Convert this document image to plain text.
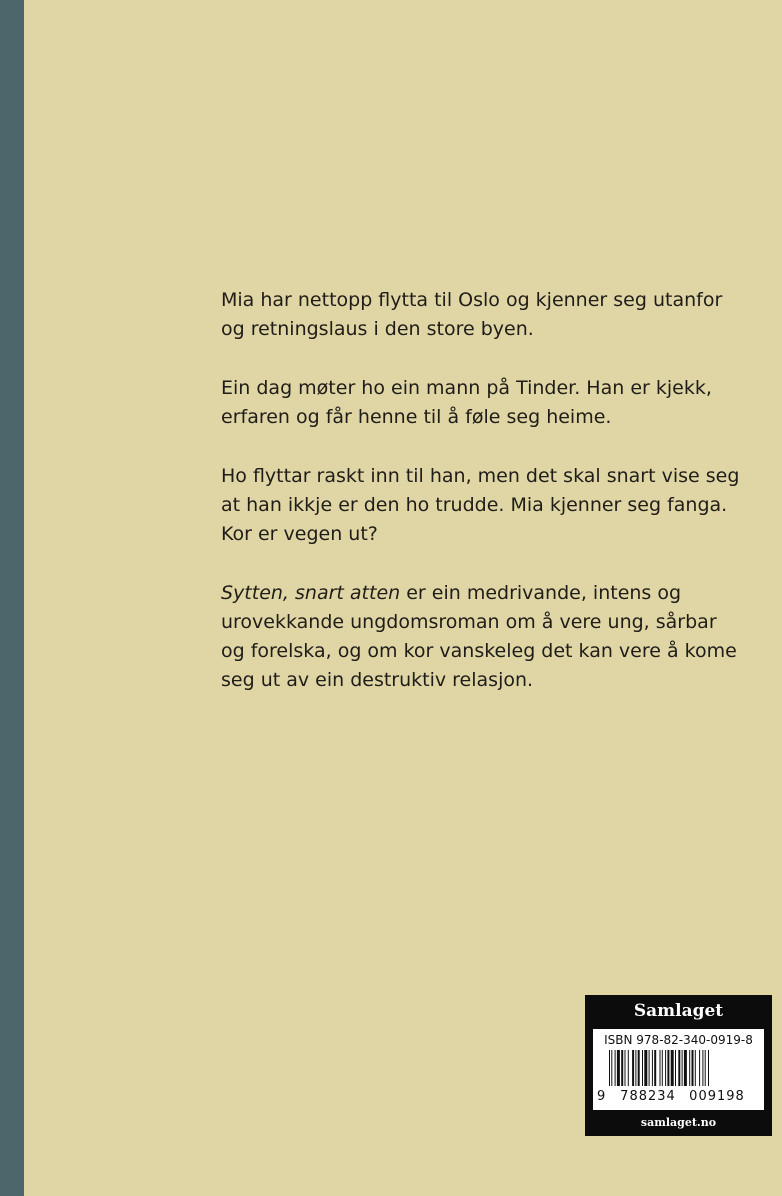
Mia har nettopp flytta til Oslo og kjenner seg utanfor
og retningslaus i den store byen.

Ein dag møter ho ein mann på Tinder. Han er kjekk,
erfaren og får henne til å føle seg heime.

Ho flyttar raskt inn til han, men det skal snart vise seg
at han ikkje er den ho trudde. Mia kjenner seg fanga.
Kor er vegen ut?

Sytten, snart atten er ein medrivande, intens og
urovekkande ungdomsroman om å vere ung, sårbar
og forelska, og om kor vanskeleg det kan vere å kome
seg ut av ein destruktiv relasjon.

Samlaget
ISBN 978-82-340-0919-8
9	788234	009198
samlaget.no
